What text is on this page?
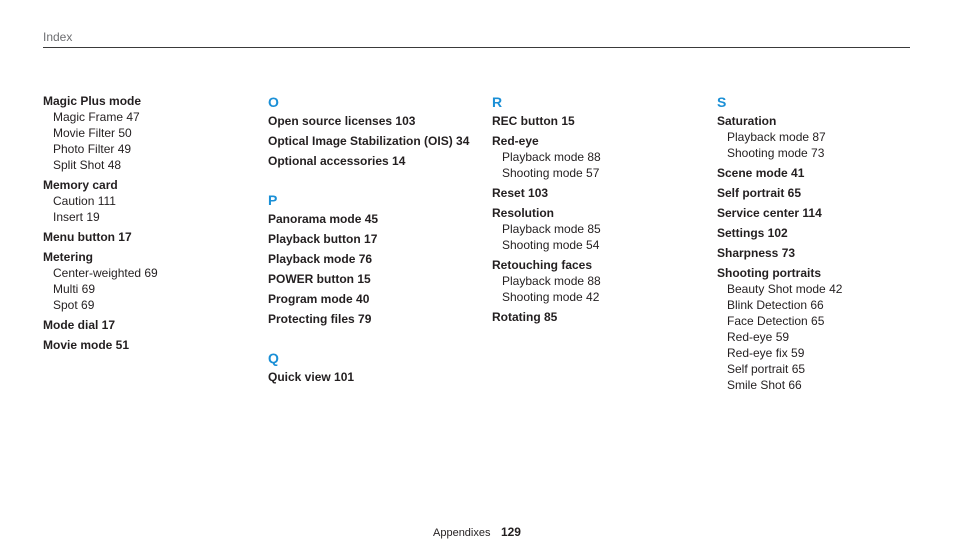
Index
Magic Plus mode
Magic Frame 47
Movie Filter 50
Photo Filter 49
Split Shot 48
Memory card
Caution 111
Insert 19
Menu button 17
Metering
Center-weighted 69
Multi 69
Spot 69
Mode dial 17
Movie mode 51
O
Open source licenses 103
Optical Image Stabilization (OIS) 34
Optional accessories 14
P
Panorama mode 45
Playback button 17
Playback mode 76
POWER button 15
Program mode 40
Protecting files 79
Q
Quick view 101
R
REC button 15
Red-eye
Playback mode 88
Shooting mode 57
Reset 103
Resolution
Playback mode 85
Shooting mode 54
Retouching faces
Playback mode 88
Shooting mode 42
Rotating 85
S
Saturation
Playback mode 87
Shooting mode 73
Scene mode 41
Self portrait 65
Service center 114
Settings 102
Sharpness 73
Shooting portraits
Beauty Shot mode 42
Blink Detection 66
Face Detection 65
Red-eye 59
Red-eye fix 59
Self portrait 65
Smile Shot 66
Appendixes 129
